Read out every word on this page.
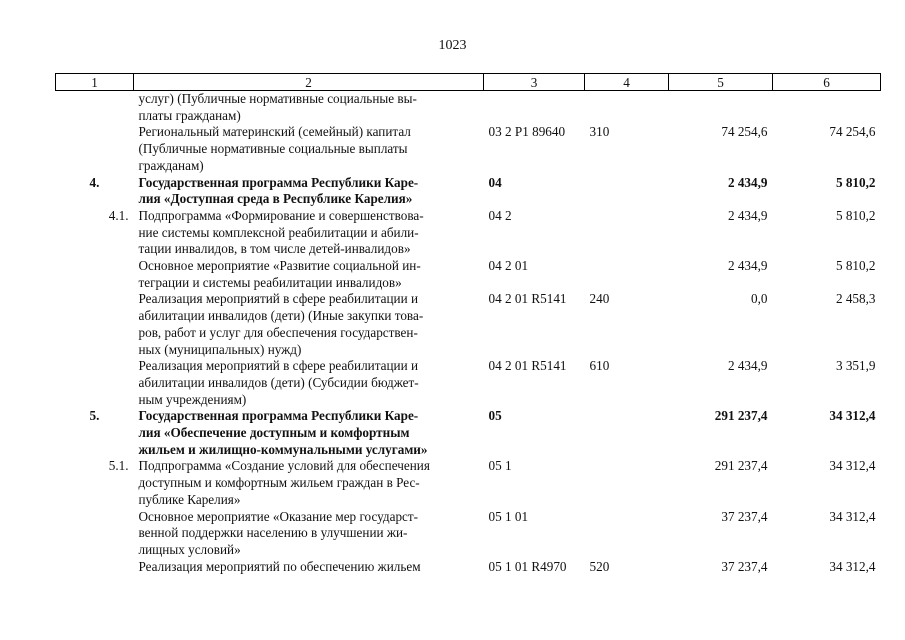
1023
1	2	3	4	5	6
	услуг) (Публичные нормативные социальные вы-
платы гражданам)				
	Региональный материнский (семейный) капитал
(Публичные нормативные социальные выплаты
гражданам)	03 2 P1 89640	310	74 254,6	74 254,6
4.	Государственная программа Республики Каре-
лия «Доступная среда в Республике Карелия»	04		2 434,9	5 810,2
4.1.	Подпрограмма «Формирование и совершенствова-
ние системы комплексной реабилитации и абили-
тации инвалидов, в том числе детей-инвалидов»	04 2		2 434,9	5 810,2
	Основное мероприятие «Развитие социальной ин-
теграции и системы реабилитации инвалидов»	04 2 01		2 434,9	5 810,2
	Реализация мероприятий в сфере реабилитации и
абилитации инвалидов (дети) (Иные закупки това-
ров, работ и услуг для обеспечения государствен-
ных (муниципальных) нужд)	04 2 01 R5141	240	0,0	2 458,3
	Реализация мероприятий в сфере реабилитации и
абилитации инвалидов (дети) (Субсидии бюджет-
ным учреждениям)	04 2 01 R5141	610	2 434,9	3 351,9
5.	Государственная программа Республики Каре-
лия «Обеспечение доступным и комфортным
жильем и жилищно-коммунальными услугами»	05		291 237,4	34 312,4
5.1.	Подпрограмма «Создание условий для обеспечения
доступным и комфортным жильем граждан в Рес-
публике Карелия»	05 1		291 237,4	34 312,4
	Основное мероприятие «Оказание мер государст-
венной поддержки населению в улучшении жи-
лищных условий»	05 1 01		37 237,4	34 312,4
	Реализация мероприятий по обеспечению жильем	05 1 01 R4970	520	37 237,4	34 312,4
